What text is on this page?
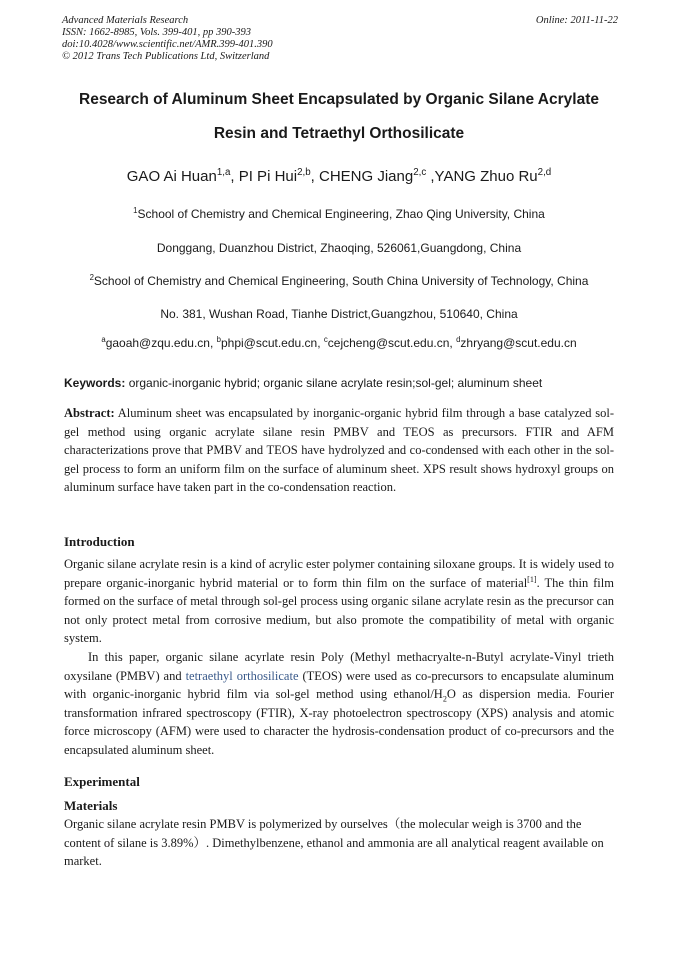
Advanced Materials Research
ISSN: 1662-8985, Vols. 399-401, pp 390-393
doi:10.4028/www.scientific.net/AMR.399-401.390
© 2012 Trans Tech Publications Ltd, Switzerland
Online: 2011-11-22
Research of Aluminum Sheet Encapsulated by Organic Silane Acrylate
Resin and Tetraethyl Orthosilicate
GAO Ai Huan$^{1,a}$, PI Pi Hui$^{2,b}$, CHENG Jiang$^{2,c}$ ,YANG Zhuo Ru$^{2,d}$
$^1$School of Chemistry and Chemical Engineering, Zhao Qing University, China
Donggang, Duanzhou District, Zhaoqing, 526061,Guangdong, China
$^2$School of Chemistry and Chemical Engineering, South China University of Technology, China
No. 381, Wushan Road, Tianhe District,Guangzhou, 510640, China
$^a$gaoah@zqu.edu.cn, $^b$phpi@scut.edu.cn, $^c$cejcheng@scut.edu.cn, $^d$zhryang@scut.edu.cn
Keywords: organic-inorganic hybrid; organic silane acrylate resin;sol-gel; aluminum sheet
Abstract: Aluminum sheet was encapsulated by inorganic-organic hybrid film through a base catalyzed sol-gel method using organic acrylate silane resin PMBV and TEOS as precursors. FTIR and AFM characterizations prove that PMBV and TEOS have hydrolyzed and co-condensed with each other in the sol-gel process to form an uniform film on the surface of aluminum sheet. XPS result shows hydroxyl groups on aluminum surface have taken part in the co-condensation reaction.
Introduction
Organic silane acrylate resin is a kind of acrylic ester polymer containing siloxane groups. It is widely used to prepare organic-inorganic hybrid material or to form thin film on the surface of material[1]. The thin film formed on the surface of metal through sol-gel process using organic silane acrylate resin as the precursor can not only protect metal from corrosive medium, but also promote the compatibility of metal with organic system.
In this paper, organic silane acyrlate resin Poly (Methyl methacryalte-n-Butyl acrylate-Vinyl trieth oxysilane (PMBV) and tetraethyl orthosilicate (TEOS) were used as co-precursors to encapsulate aluminum with organic-inorganic hybrid film via sol-gel method using ethanol/$H_2O$ as dispersion media. Fourier transformation infrared spectroscopy (FTIR), X-ray photoelectron spectroscopy (XPS) analysis and atomic force microscopy (AFM) were used to character the hydrosis-condensation product of co-precursors and the encapsulated aluminum sheet.
Experimental
Materials
Organic silane acrylate resin PMBV is polymerized by ourselves（the molecular weigh is 3700 and the content of silane is 3.89%）. Dimethylbenzene, ethanol and ammonia are all analytical reagent available on market.
